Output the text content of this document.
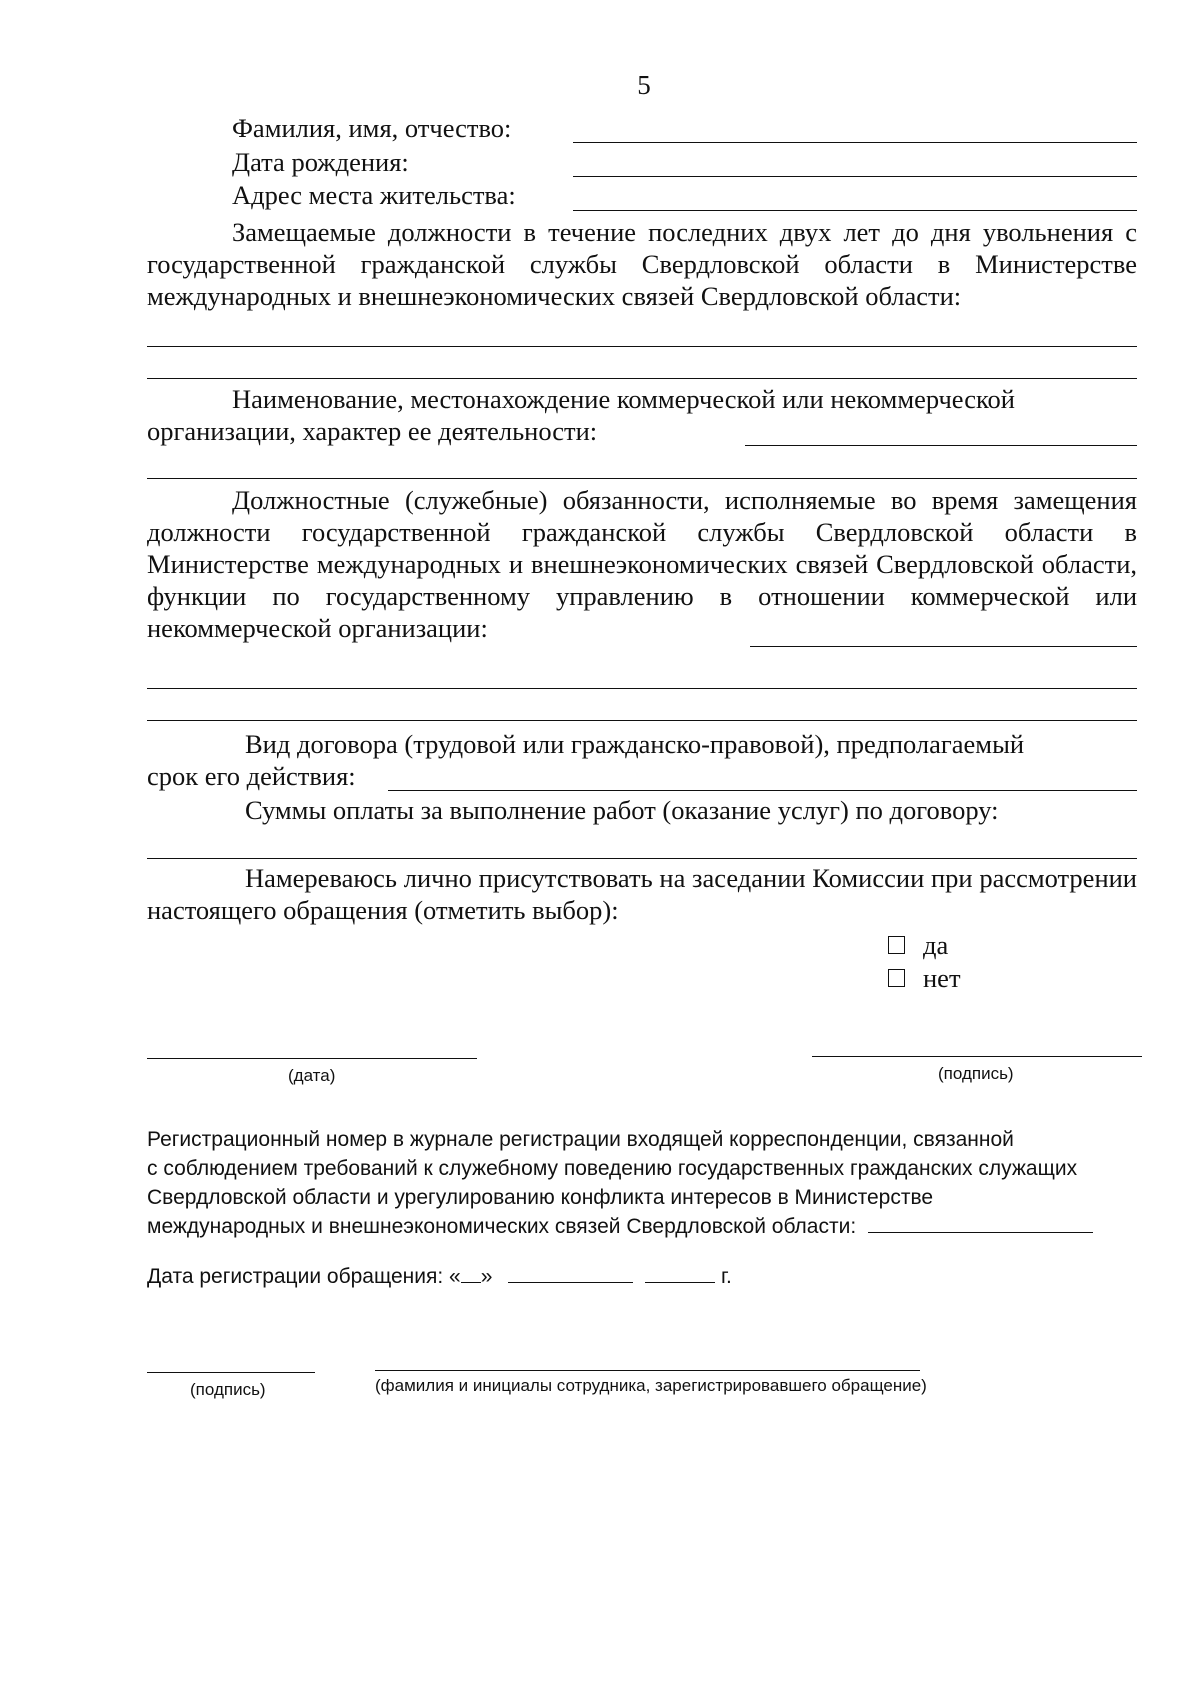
5
Фамилия, имя, отчество:
Дата рождения:
Адрес места жительства:
Замещаемые должности в течение последних двух лет до дня увольнения с государственной гражданской службы Свердловской области в Министерстве международных и внешнеэкономических связей Свердловской области:
Наименование, местонахождение коммерческой или некоммерческой
организации, характер ее деятельности:
Должностные (служебные) обязанности, исполняемые во время замещения должности государственной гражданской службы Свердловской области в Министерстве международных и внешнеэкономических связей Свердловской области, функции по государственному управлению в отношении коммерческой или некоммерческой организации:
Вид договора (трудовой или гражданско-правовой), предполагаемый
срок его действия:
Суммы оплаты за выполнение работ (оказание услуг) по договору:
Намереваюсь лично присутствовать на заседании Комиссии при рассмотрении настоящего обращения (отметить выбор):
да
нет
(дата)	(подпись)
Регистрационный номер в журнале регистрации входящей корреспонденции, связанной
с соблюдением требований к служебному поведению государственных гражданских служащих
Свердловской области и урегулированию конфликта интересов в Министерстве
международных и внешнеэкономических связей Свердловской области:
Дата регистрации обращения: « »	г.
(подпись)	(фамилия и инициалы сотрудника, зарегистрировавшего обращение)
